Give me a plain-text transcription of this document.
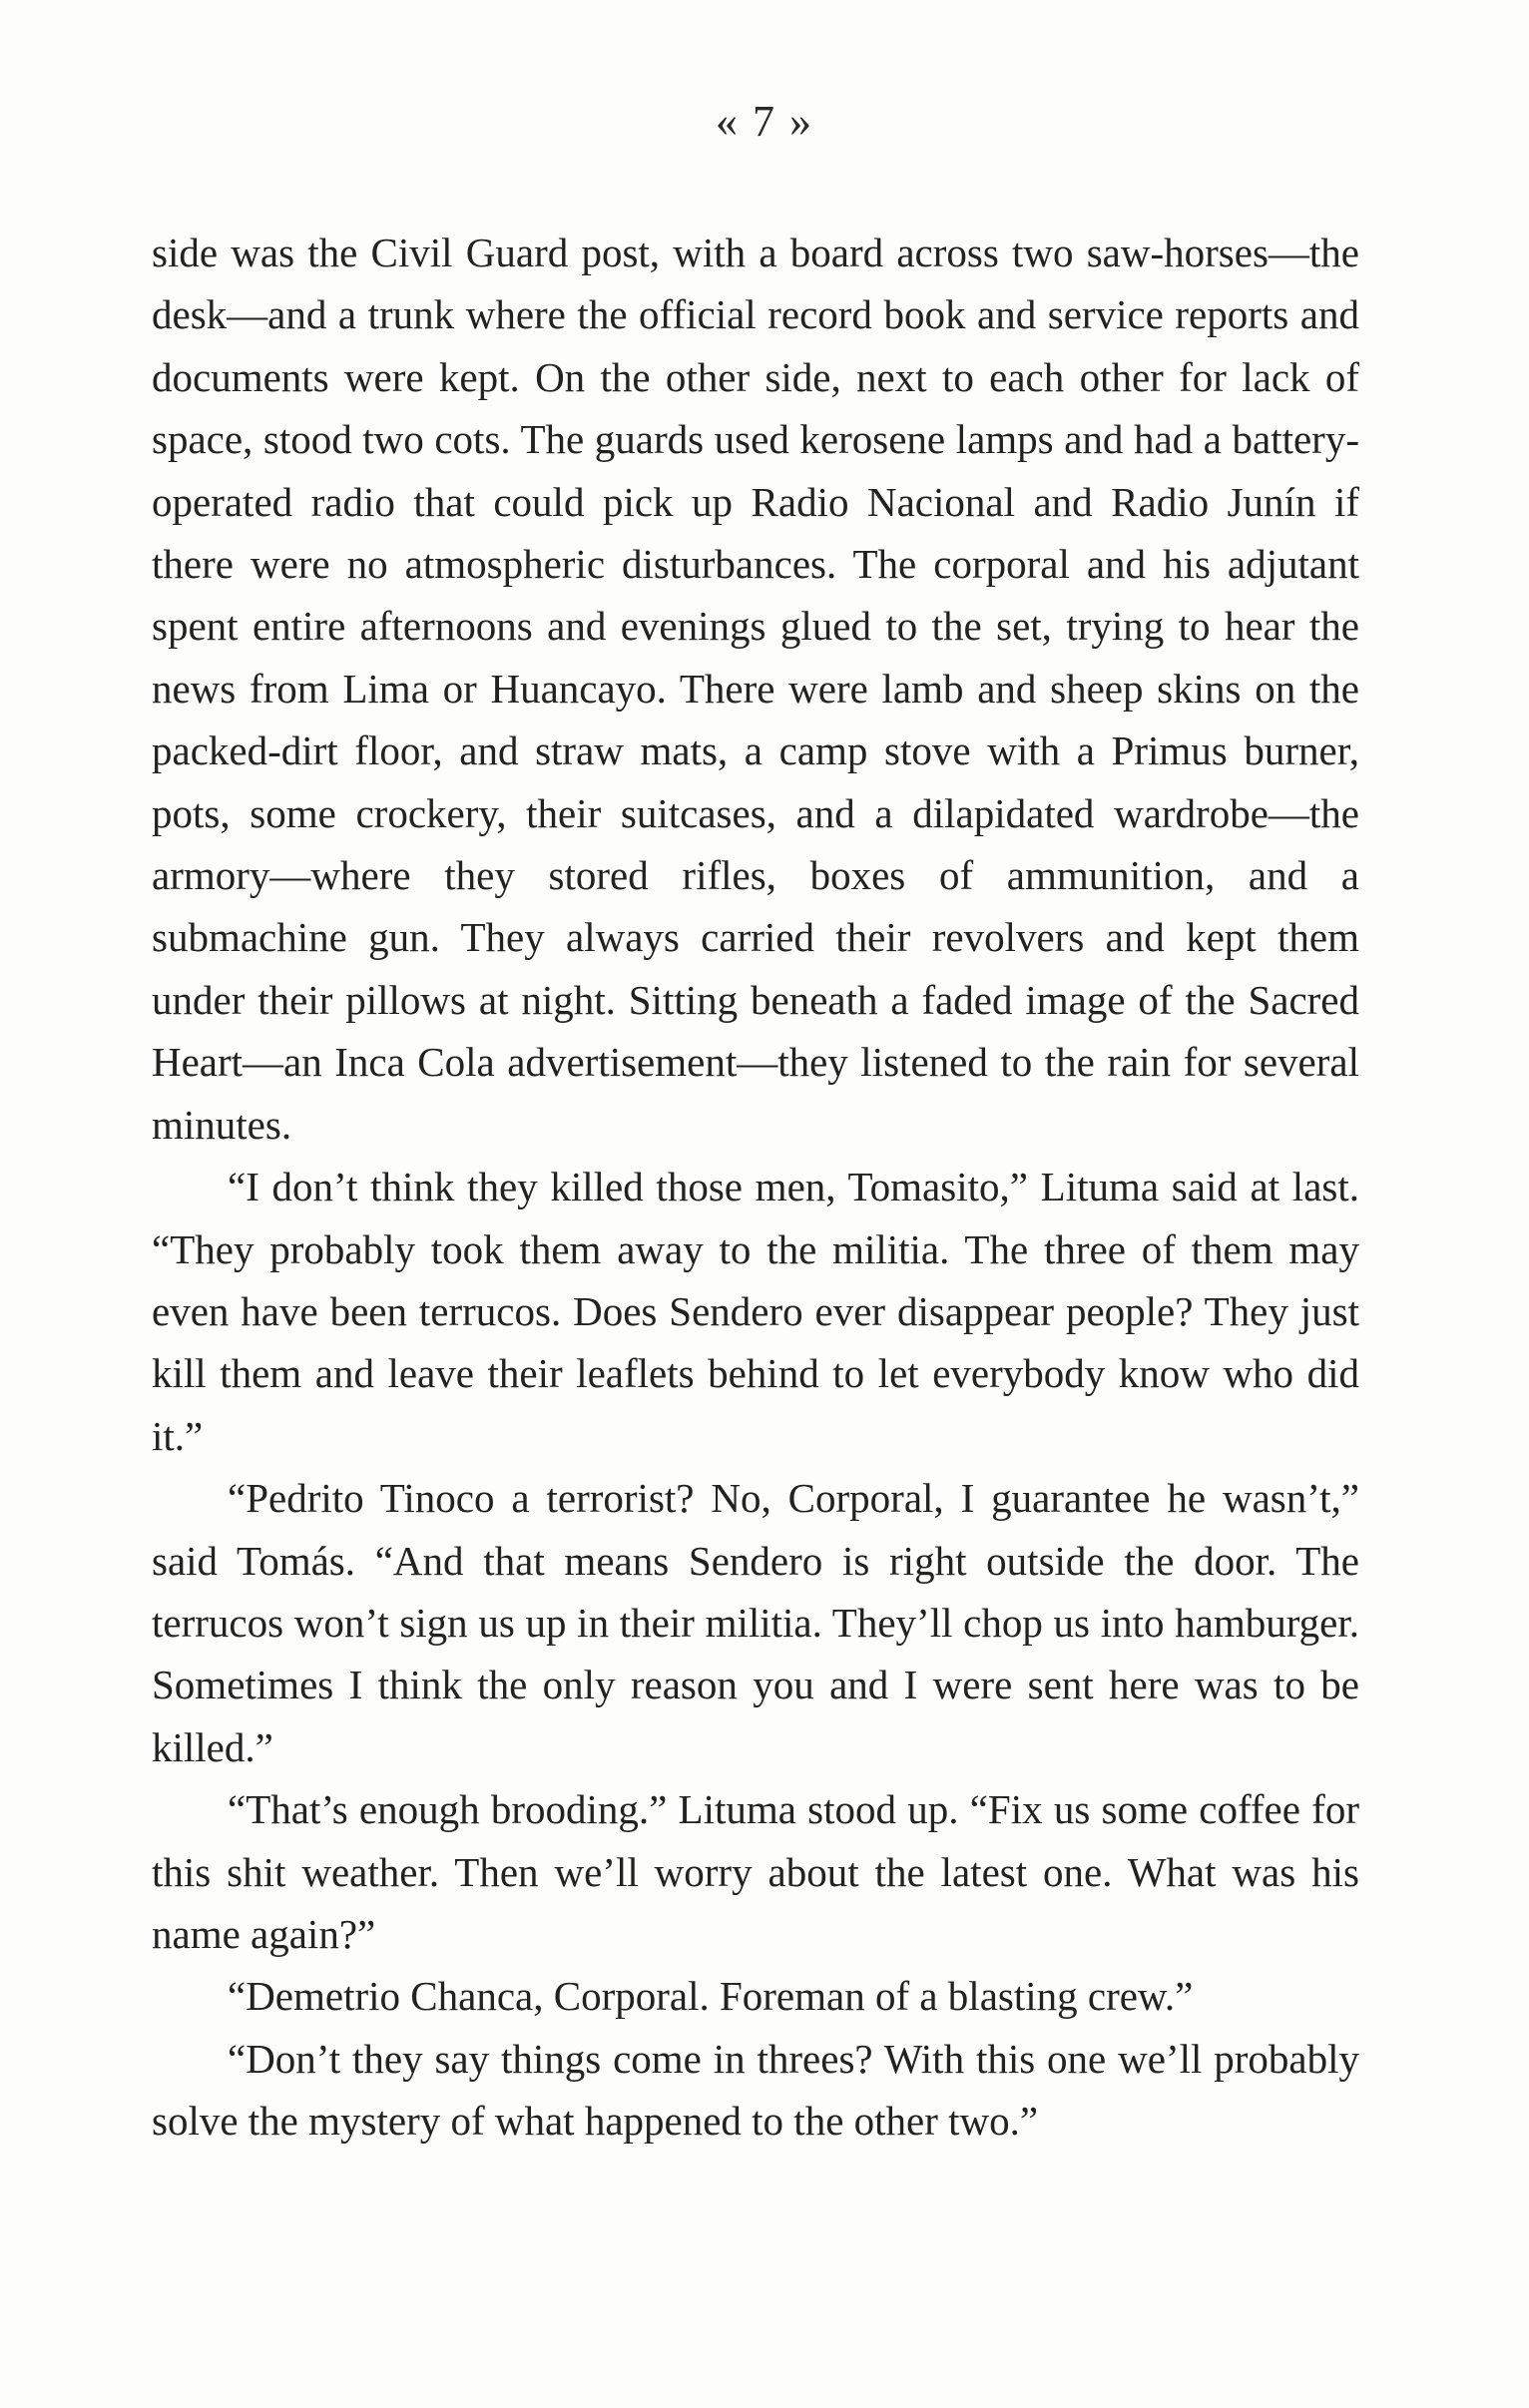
« 7 »

side was the Civil Guard post, with a board across two saw-horses—the desk—and a trunk where the official record book and service reports and documents were kept. On the other side, next to each other for lack of space, stood two cots. The guards used kerosene lamps and had a battery-operated radio that could pick up Radio Nacional and Radio Junín if there were no atmospheric disturbances. The corporal and his adjutant spent entire afternoons and evenings glued to the set, trying to hear the news from Lima or Huancayo. There were lamb and sheep skins on the packed-dirt floor, and straw mats, a camp stove with a Primus burner, pots, some crockery, their suitcases, and a dilapidated wardrobe—the armory—where they stored rifles, boxes of ammunition, and a submachine gun. They always carried their revolvers and kept them under their pillows at night. Sitting beneath a faded image of the Sacred Heart—an Inca Cola advertisement—they listened to the rain for several minutes.

“I don’t think they killed those men, Tomasito,” Lituma said at last. “They probably took them away to the militia. The three of them may even have been terrucos. Does Sendero ever disappear people? They just kill them and leave their leaflets behind to let everybody know who did it.”

“Pedrito Tinoco a terrorist? No, Corporal, I guarantee he wasn’t,” said Tomás. “And that means Sendero is right outside the door. The terrucos won’t sign us up in their militia. They’ll chop us into hamburger. Sometimes I think the only reason you and I were sent here was to be killed.”

“That’s enough brooding.” Lituma stood up. “Fix us some coffee for this shit weather. Then we’ll worry about the latest one. What was his name again?”

“Demetrio Chanca, Corporal. Foreman of a blasting crew.”

“Don’t they say things come in threes? With this one we’ll probably solve the mystery of what happened to the other two.”
